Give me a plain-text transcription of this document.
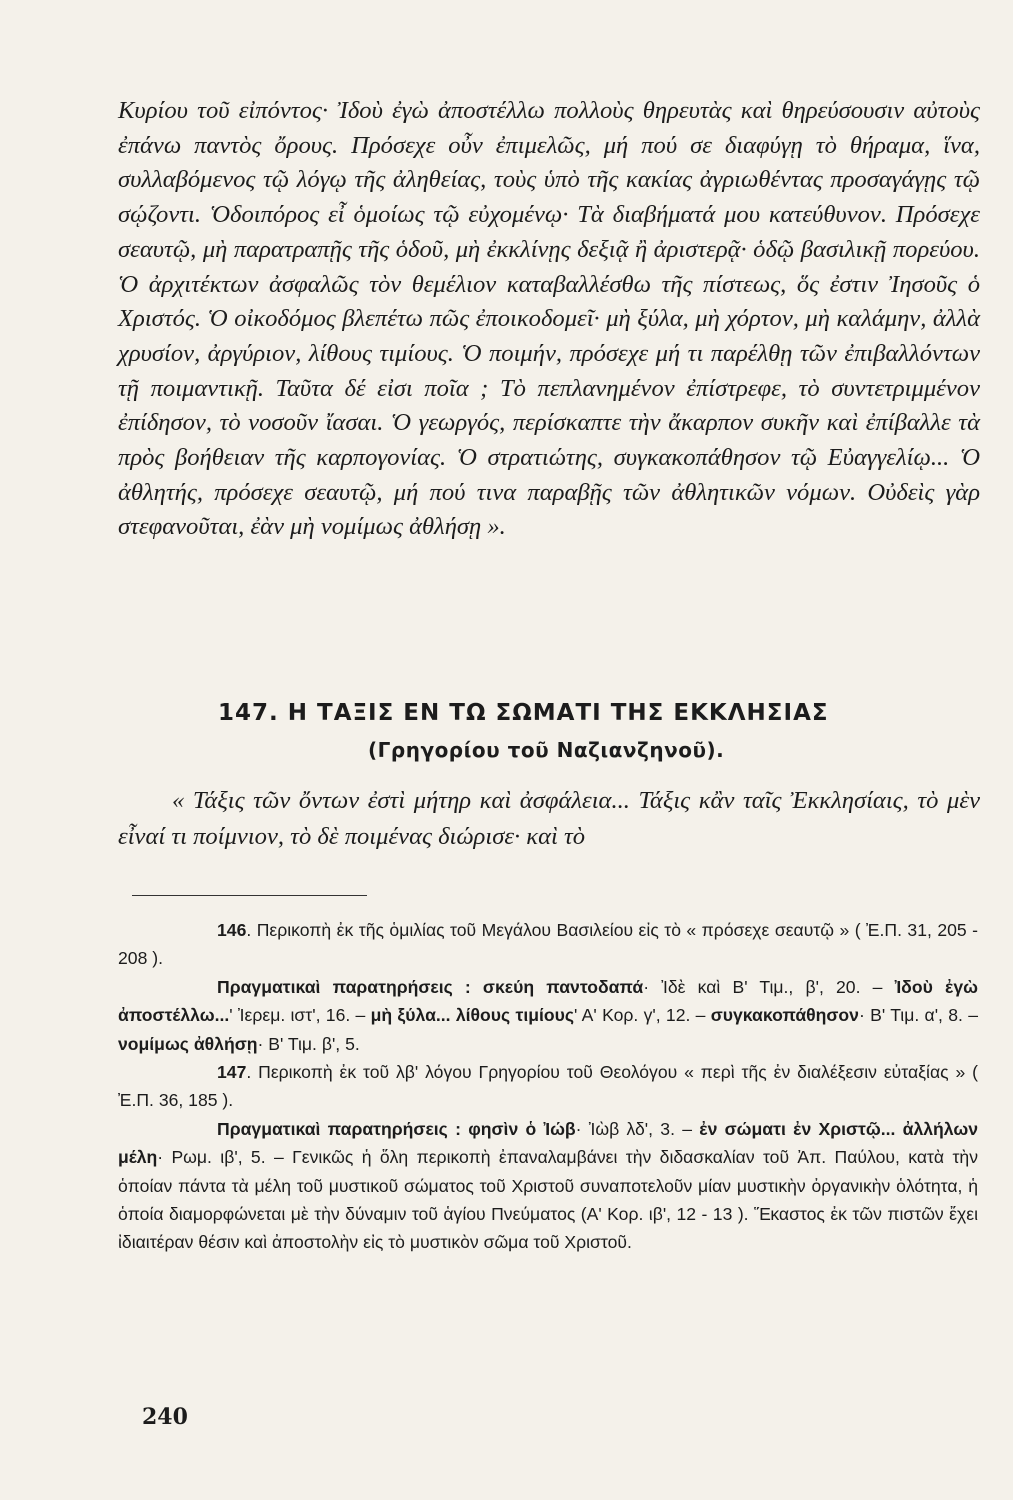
Κυρίου τοῦ εἰπόντος· Ἰδοὺ ἐγὼ ἀποστέλλω πολλοὺς θηρευτὰς καὶ θηρεύσουσιν αὐτοὺς ἐπάνω παντὸς ὄρους. Πρόσεχε οὖν ἐπιμελῶς, μή πού σε διαφύγῃ τὸ θήραμα, ἵνα, συλλαβόμενος τῷ λόγῳ τῆς ἀληθείας, τοὺς ὑπὸ τῆς κακίας ἀγριωθέντας προσαγάγῃς τῷ σῴζοντι. Ὁδοιπόρος εἶ ὁμοίως τῷ εὐχομένῳ· Τὰ διαβήματά μου κατεύθυνον. Πρόσεχε σεαυτῷ, μὴ παρατραπῇς τῆς ὁδοῦ, μὴ ἐκκλίνῃς δεξιᾷ ἢ ἀριστερᾷ· ὁδῷ βασιλικῇ πορεύου. Ὁ ἀρχιτέκτων ἀσφαλῶς τὸν θεμέλιον καταβαλλέσθω τῆς πίστεως, ὅς ἐστιν Ἰησοῦς ὁ Χριστός. Ὁ οἰκοδόμος βλεπέτω πῶς ἐποικοδομεῖ· μὴ ξύλα, μὴ χόρτον, μὴ καλάμην, ἀλλὰ χρυσίον, ἀργύριον, λίθους τιμίους. Ὁ ποιμήν, πρόσεχε μή τι παρέλθῃ τῶν ἐπιβαλλόντων τῇ ποιμαντικῇ. Ταῦτα δέ εἰσι ποῖα ; Τὸ πεπλανημένον ἐπίστρεφε, τὸ συντετριμμένον ἐπίδησον, τὸ νοσοῦν ἴασαι. Ὁ γεωργός, περίσκαπτε τὴν ἄκαρπον συκῆν καὶ ἐπίβαλλε τὰ πρὸς βοήθειαν τῆς καρπογονίας. Ὁ στρατιώτης, συγκακοπάθησον τῷ Εὐαγγελίῳ... Ὁ ἀθλητής, πρόσεχε σεαυτῷ, μή πού τινα παραβῇς τῶν ἀθλητικῶν νόμων. Οὐδεὶς γὰρ στεφανοῦται, ἐὰν μὴ νομίμως ἀθλήσῃ ».

147. Η ΤΑΞΙΣ ΕΝ ΤΩ ΣΩΜΑΤΙ ΤΗΣ ΕΚΚΛΗΣΙΑΣ
(Γρηγορίου τοῦ Ναζιανζηνοῦ).

« Τάξις τῶν ὄντων ἐστὶ μήτηρ καὶ ἀσφάλεια... Τάξις κἂν ταῖς Ἐκκλησίαις, τὸ μὲν εἶναί τι ποίμνιον, τὸ δὲ ποιμένας διώρισε· καὶ τὸ

146. Περικοπὴ ἐκ τῆς ὁμιλίας τοῦ Μεγάλου Βασιλείου εἰς τὸ « πρόσεχε σεαυτῷ » ( Ἐ.Π. 31, 205 - 208 ).

Πραγματικαὶ παρατηρήσεις : σκεύη παντοδαπά· Ἰδὲ καὶ Β' Τιμ., β', 20. – Ἰδοὺ ἐγὼ ἀποστέλλω...' Ἰερεμ. ιστ', 16. – μὴ ξύλα... λίθους τιμίους' Α' Κορ. γ', 12. – συγκακοπάθησον· Β' Τιμ. α', 8. – νομίμως ἀθλήσῃ· Β' Τιμ. β', 5.

147. Περικοπὴ ἐκ τοῦ λβ' λόγου Γρηγορίου τοῦ Θεολόγου « περὶ τῆς ἐν διαλέξεσιν εὐταξίας » ( Ἐ.Π. 36, 185 ).

Πραγματικαὶ παρατηρήσεις : φησὶν ὁ Ἰώβ· Ἰὼβ λδ', 3. – ἐν σώματι ἐν Χριστῷ... ἀλλήλων μέλη· Ρωμ. ιβ', 5. – Γενικῶς ἡ ὅλη περικοπὴ ἐπαναλαμβάνει τὴν διδασκαλίαν τοῦ Ἀπ. Παύλου, κατὰ τὴν ὁποίαν πάντα τὰ μέλη τοῦ μυστικοῦ σώματος τοῦ Χριστοῦ συναποτελοῦν μίαν μυστικὴν ὀργανικὴν ὁλότητα, ἡ ὁποία διαμορφώνεται μὲ τὴν δύναμιν τοῦ ἁγίου Πνεύματος (Α' Κορ. ιβ', 12 - 13 ). Ἕκαστος ἐκ τῶν πιστῶν ἔχει ἰδιαιτέραν θέσιν καὶ ἀποστολὴν εἰς τὸ μυστικὸν σῶμα τοῦ Χριστοῦ.

240
